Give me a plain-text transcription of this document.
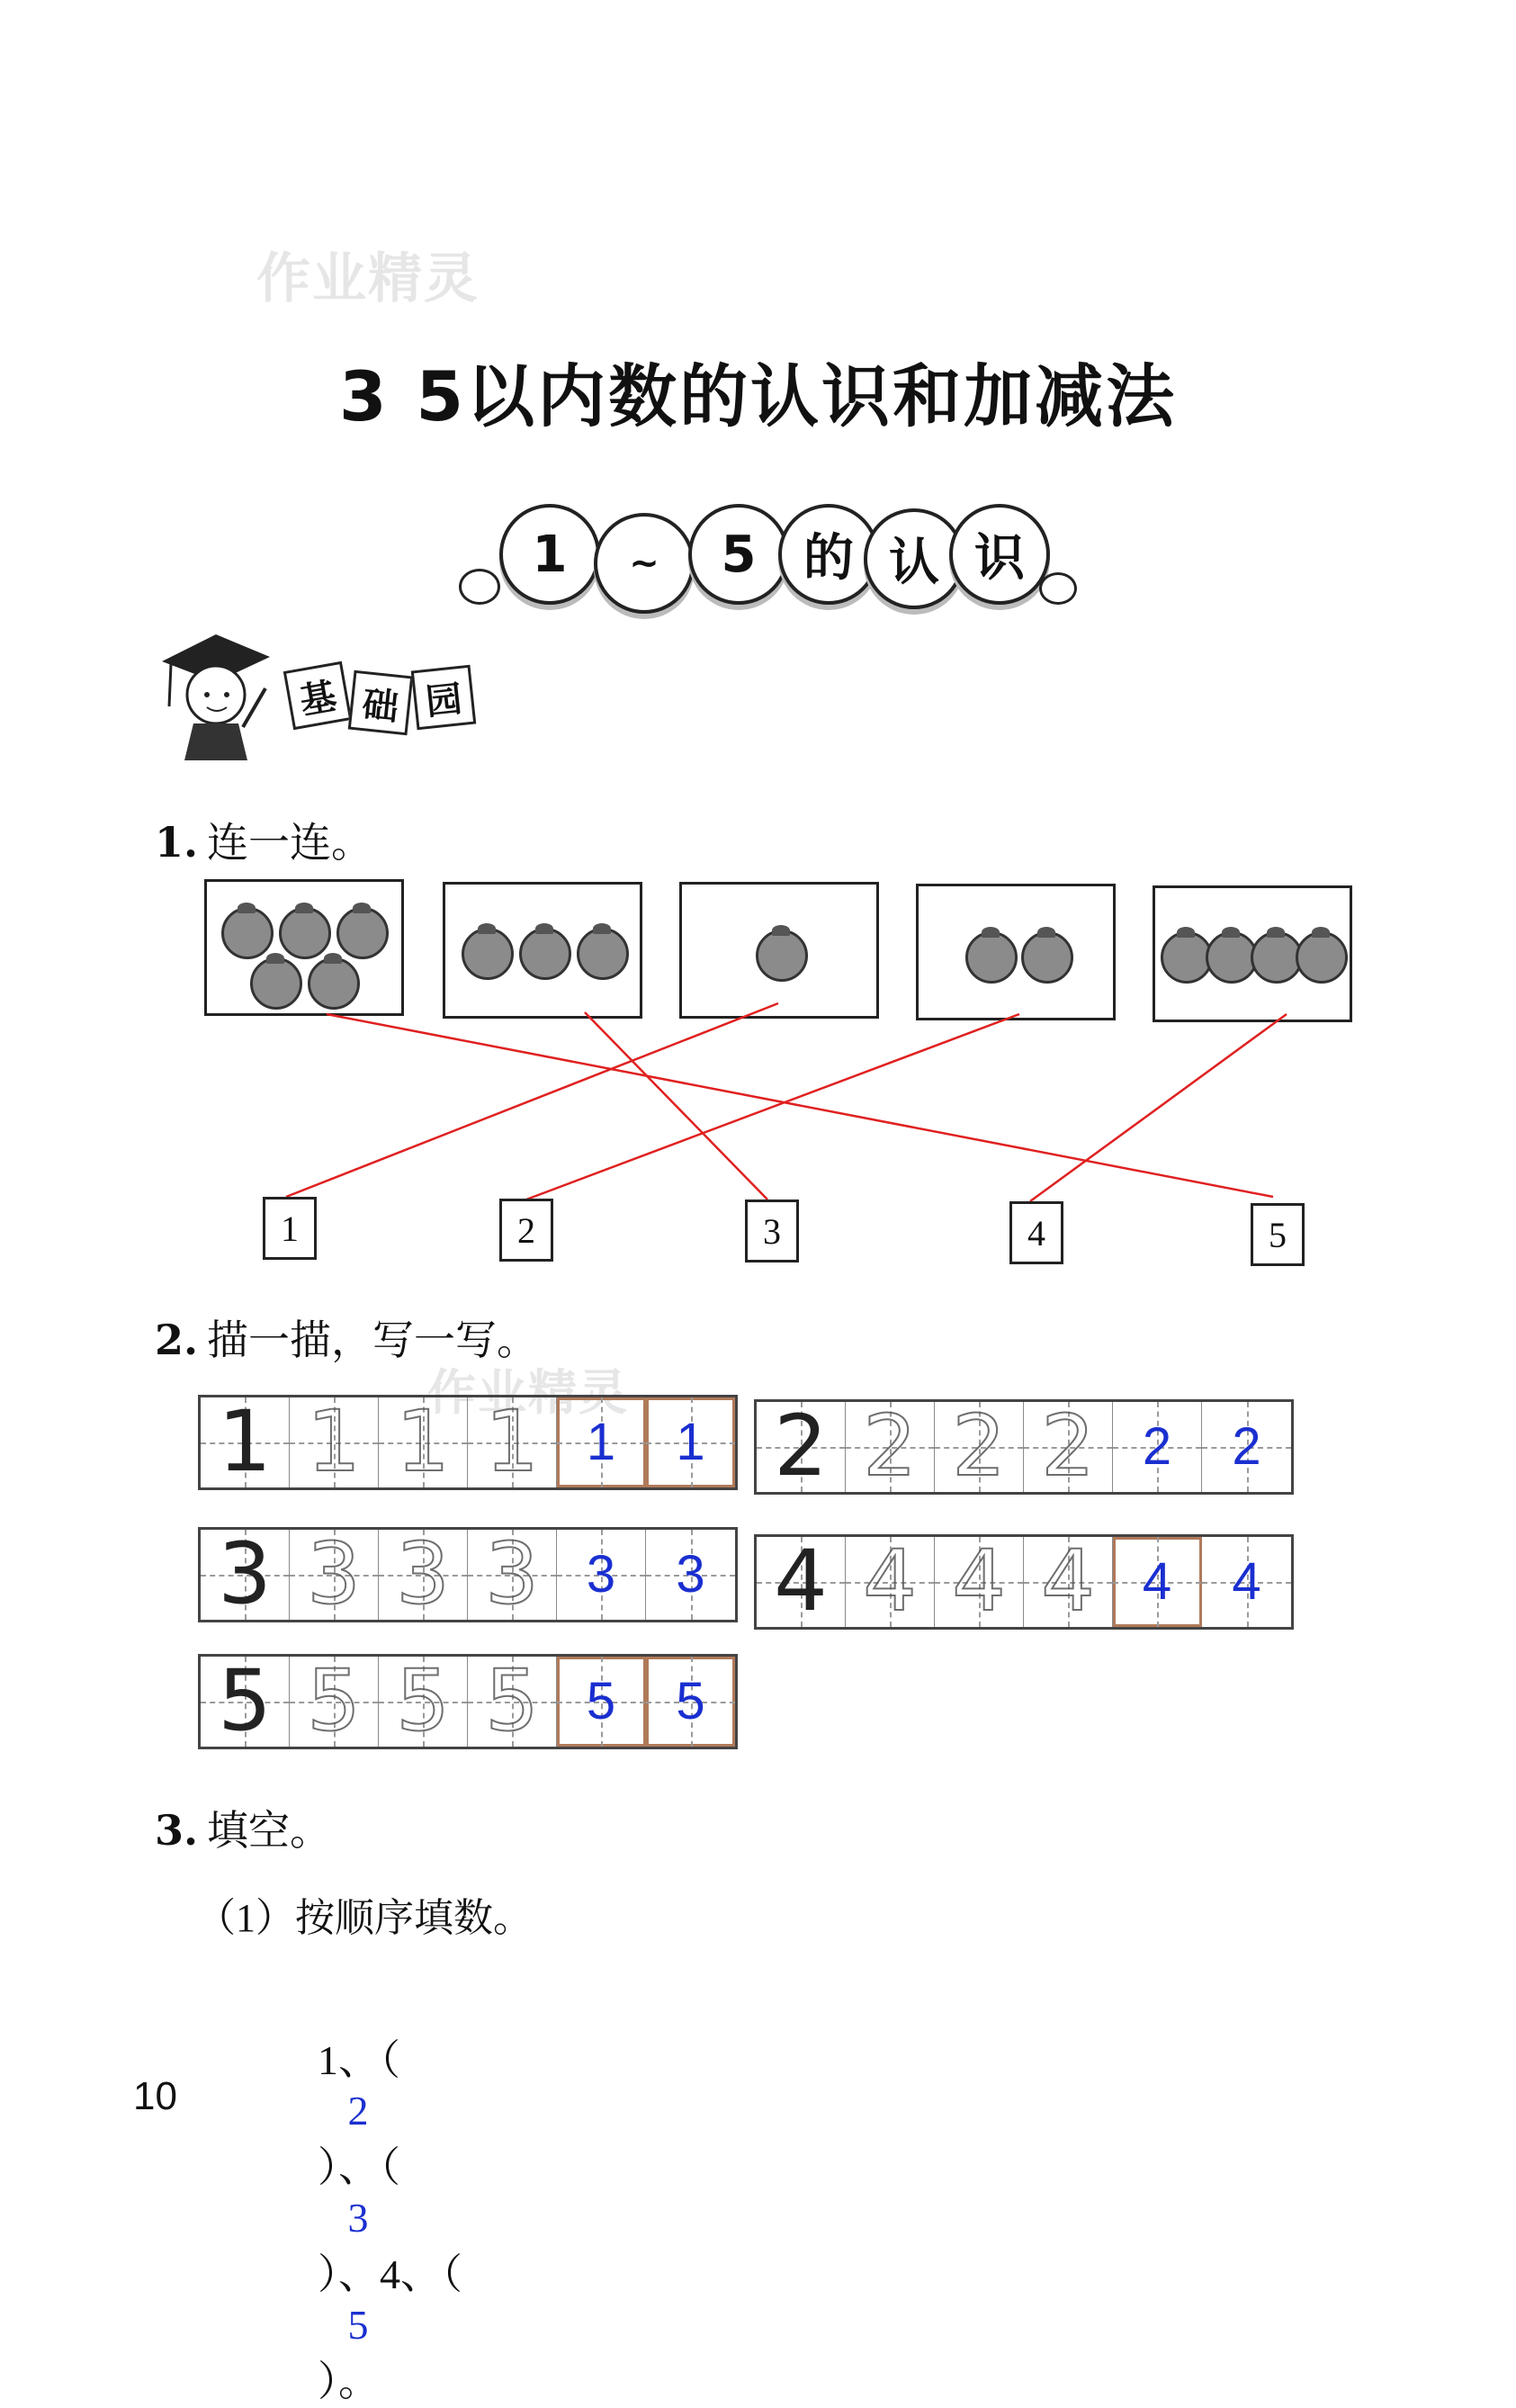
作业精灵
作业精灵
3 5以内数的认识和加减法
1	~	5 的 认 识
基 础 园
1. 连一连。
1	2	3	4	5
2. 描一描，写一写。
1 1 1 1 1 1 2 2 2 2 2 2
3 3 3 3 3 3 4 4 4 4 4 4
5 5 5 5 5 5
3. 填空。
（1）按顺序填数。

1、（
2
）、（
3
）、4、（
5
）。

10
